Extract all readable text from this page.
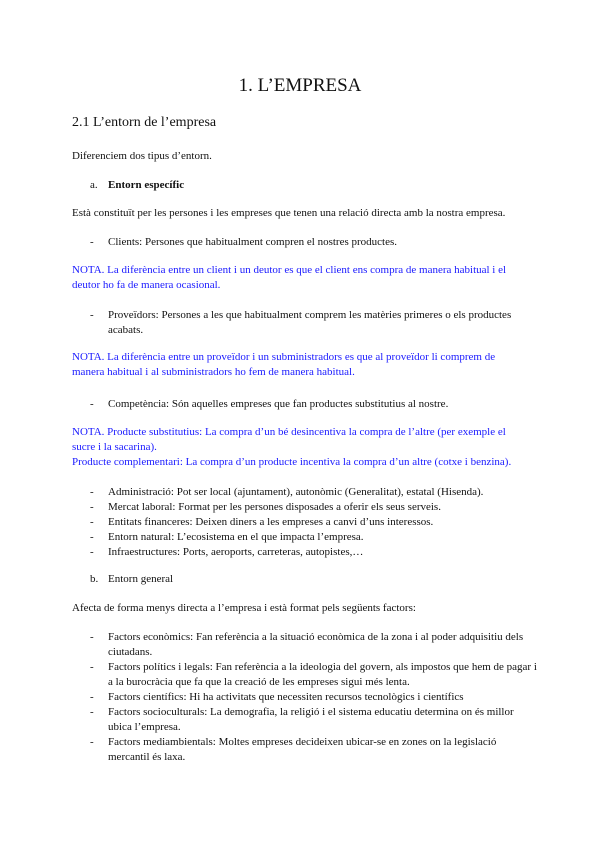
1. L’EMPRESA
2.1 L’entorn de l’empresa
Diferenciem dos tipus d’entorn.
a. Entorn específic
Està constituït per les persones i les empreses que tenen una relació directa amb la nostra empresa.
- Clients: Persones que habitualment compren el nostres productes.
NOTA. La diferència entre un client i un deutor es que el client ens compra de manera habitual i el deutor ho fa de manera ocasional.
- Proveïdors: Persones a les que habitualment comprem les matèries primeres o els productes acabats.
NOTA. La diferència entre un proveïdor i un subministradors es que al proveïdor li comprem de manera habitual i al subministradors ho fem de manera habitual.
- Competència: Són aquelles empreses que fan productes substitutius al nostre.
NOTA. Producte substitutius: La compra d’un bé desincentiva la compra de l’altre (per exemple el sucre i la sacarina).
Producte complementari: La compra d’un producte incentiva la compra d’un altre (cotxe i benzina).
- Administració: Pot ser local (ajuntament), autonòmic (Generalitat), estatal (Hisenda).
- Mercat laboral: Format per les persones disposades a oferir els seus serveis.
- Entitats financeres: Deixen diners a les empreses a canvi d’uns interessos.
- Entorn natural: L’ecosistema en el que impacta l’empresa.
- Infraestructures: Ports, aeroports, carreteras, autopistes,…
b. Entorn general
Afecta de forma menys directa a l’empresa i està format pels següents factors:
- Factors econòmics: Fan referència a la situació econòmica de la zona i al poder adquisitiu dels ciutadans.
- Factors polítics i legals: Fan referència a la ideologia del govern, als impostos que hem de pagar i a la burocràcia que fa que la creació de les empreses sigui més lenta.
- Factors científics: Hi ha activitats que necessiten recursos tecnològics i científics
- Factors socioculturals: La demografia, la religió i el sistema educatiu determina on és millor ubica l’empresa.
- Factors mediambientals: Moltes empreses decideixen ubicar-se en zones on la legislació mercantil és laxa.
